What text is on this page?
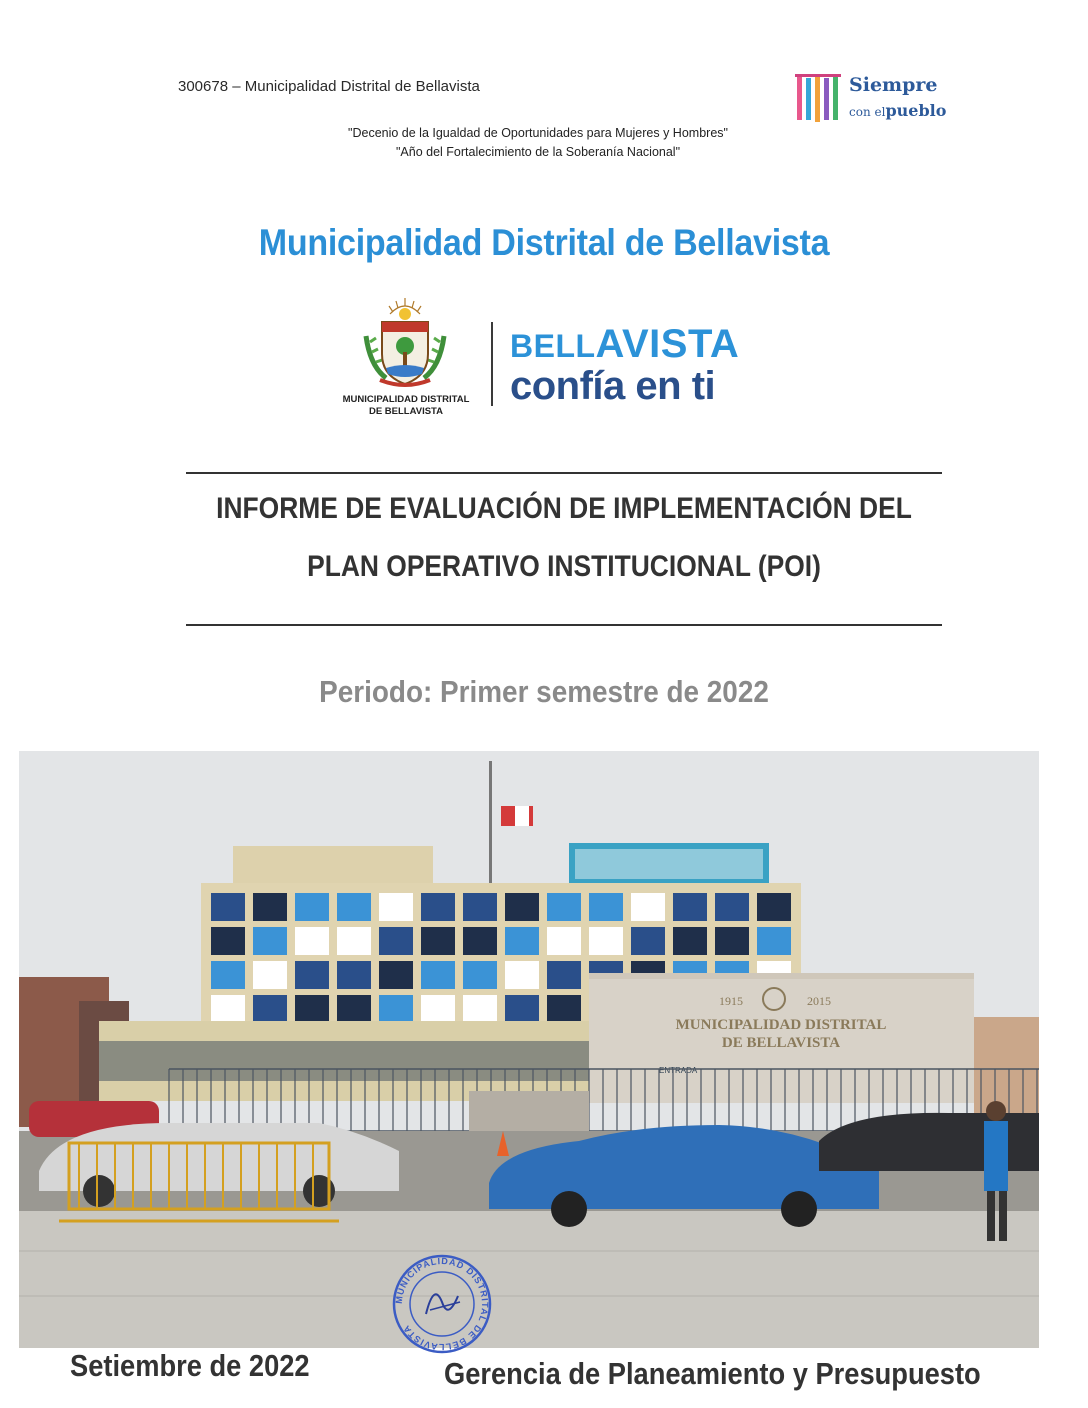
300678 – Municipalidad Distrital de Bellavista	Siempre
con elpueblo
"Decenio de la Igualdad de Oportunidades para Mujeres y Hombres"
"Año del Fortalecimiento de la Soberanía Nacional"
Municipalidad Distrital de Bellavista
MUNICIPALIDAD DISTRITAL
DE BELLAVISTA
BELLAVISTA
confía en ti
INFORME DE EVALUACIÓN DE IMPLEMENTACIÓN DEL
PLAN OPERATIVO INSTITUCIONAL (POI)
Periodo: Primer semestre de 2022
1915	2015
MUNICIPALIDAD DISTRITAL
DE BELLAVISTA
ENTRADA
MUNICIPALIDAD DISTRITAL DE BELLAVISTA
Setiembre de 2022	Gerencia de Planeamiento y Presupuesto
